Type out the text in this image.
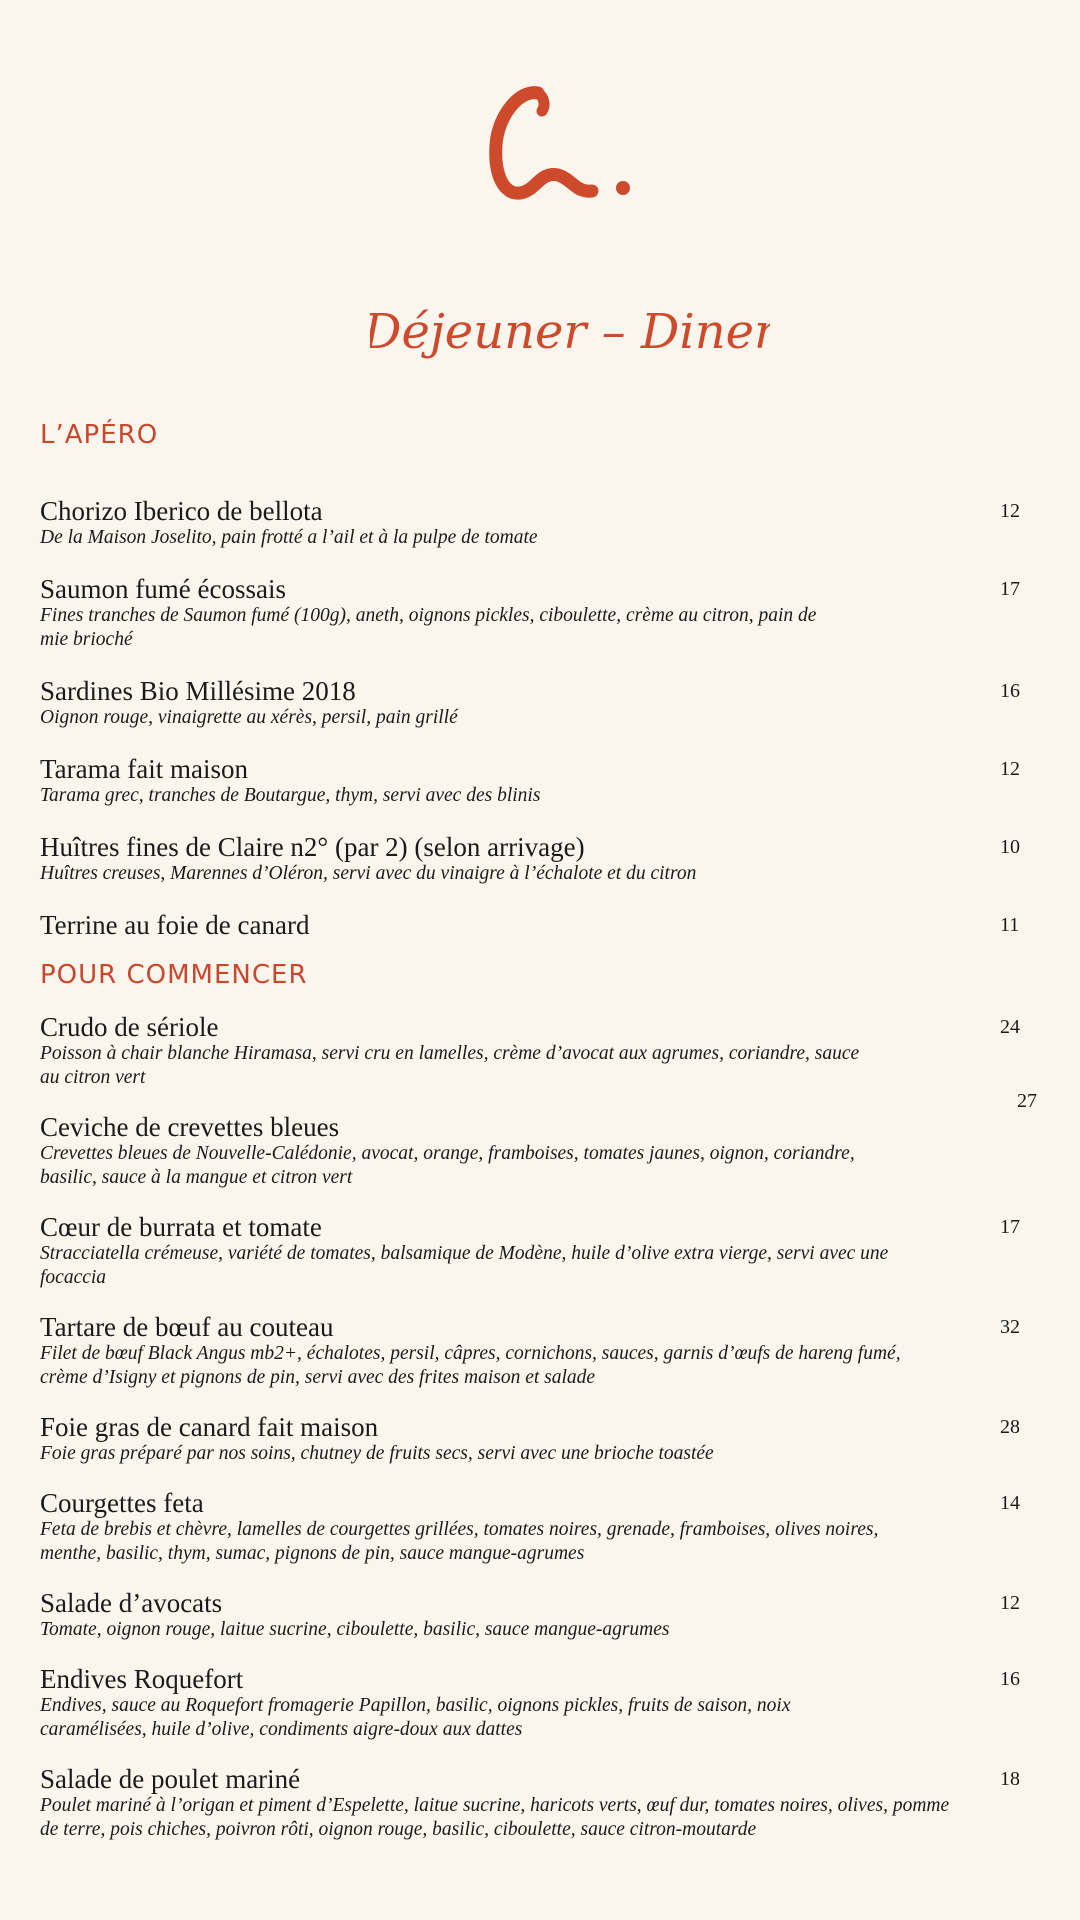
Déjeuner – Diner
L’APÉRO
Chorizo Iberico de bellota
De la Maison Joselito, pain frotté a l’ail et à la pulpe de tomate
12
Saumon fumé écossais
Fines tranches de Saumon fumé (100g), aneth, oignons pickles, ciboulette, crème au citron, pain de mie brioché
17
Sardines Bio Millésime 2018
Oignon rouge, vinaigrette au xérès, persil, pain grillé
16
Tarama fait maison
Tarama grec, tranches de Boutargue, thym, servi avec des blinis
12
Huîtres fines de Claire n2° (par 2) (selon arrivage)
Huîtres creuses, Marennes d’Oléron, servi avec du vinaigre à l’échalote et du citron
10
Terrine au foie de canard	11
POUR COMMENCER
Crudo de sériole
Poisson à chair blanche Hiramasa, servi cru en lamelles, crème d’avocat aux agrumes, coriandre, sauce au citron vert
24
Ceviche de crevettes bleues
Crevettes bleues de Nouvelle-Calédonie, avocat, orange, framboises, tomates jaunes, oignon, coriandre, basilic, sauce à la mangue et citron vert
Cœur de burrata et tomate
Stracciatella crémeuse, variété de tomates, balsamique de Modène, huile d’olive extra vierge, servi avec une focaccia
17
Tartare de bœuf au couteau
Filet de bœuf Black Angus mb2+, échalotes, persil, câpres, cornichons, sauces, garnis d’œufs de hareng fumé, crème d’Isigny et pignons de pin, servi avec des frites maison et salade
32
Foie gras de canard fait maison
Foie gras préparé par nos soins, chutney de fruits secs, servi avec une brioche toastée
28
Courgettes feta
Feta de brebis et chèvre, lamelles de courgettes grillées, tomates noires, grenade, framboises, olives noires, menthe, basilic, thym, sumac, pignons de pin, sauce mangue-agrumes
14
Salade d’avocats
Tomate, oignon rouge, laitue sucrine, ciboulette, basilic, sauce mangue-agrumes
12
Endives Roquefort
Endives, sauce au Roquefort fromagerie Papillon, basilic, oignons pickles, fruits de saison, noix caramélisées, huile d’olive, condiments aigre-doux aux dattes
16
Salade de poulet mariné
Poulet mariné à l’origan et piment d’Espelette, laitue sucrine, haricots verts, œuf dur, tomates noires, olives, pomme de terre, pois chiches, poivron rôti, oignon rouge, basilic, ciboulette, sauce citron-moutarde
18
27
